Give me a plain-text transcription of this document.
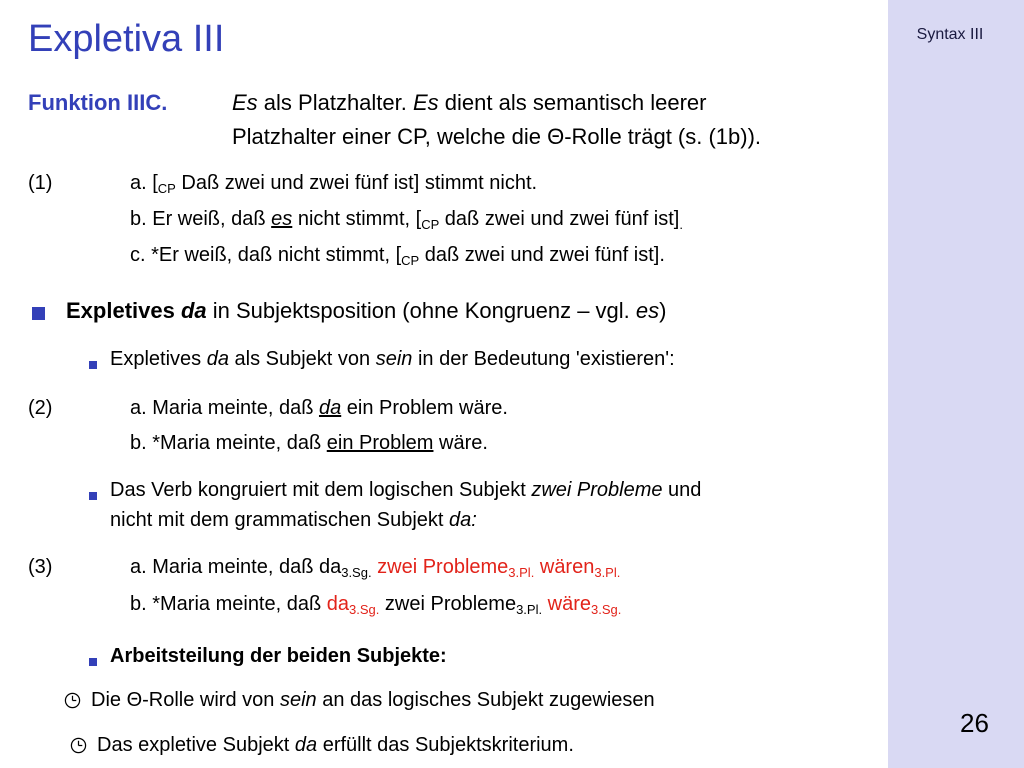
Syntax III
26
Expletiva III
Funktion IIIC.	Es als Platzhalter. Es dient als semantisch leerer
Platzhalter einer CP, welche die Θ-Rolle trägt (s. (1b)).
(1)	a. [$_{CP}$ Daß zwei und zwei fünf ist] stimmt nicht.
b. Er weiß, daß es nicht stimmt, [$_{CP}$ daß zwei und zwei fünf $ist]_.$
c. *Er weiß, daß nicht stimmt, [$_{CP}$ daß zwei und zwei fünf ist].
Expletives da in Subjektsposition (ohne Kongruenz – vgl. es)
Expletives da als Subjekt von sein in der Bedeutung 'existieren':
(2)	a. Maria meinte, daß da ein Problem wäre.
b. *Maria meinte, daß ein Problem wäre.
Das Verb kongruiert mit dem logischen Subjekt zwei Probleme und
nicht mit dem grammatischen Subjekt da:
(3)	a. Maria meinte, daß $da_{3.Sg.}$ zwei Probleme$_{3.Pl.}$ wären$_{3.Pl.}$
b. *Maria meinte, daß $da_{3.Sg.}$ zwei Probleme$_{3.Pl.}$ wäre$_{3.Sg.}$
Arbeitsteilung der beiden Subjekte:
Die Θ-Rolle wird von sein an das logisches Subjekt zugewiesen
Das expletive Subjekt da erfüllt das Subjektskriterium.
